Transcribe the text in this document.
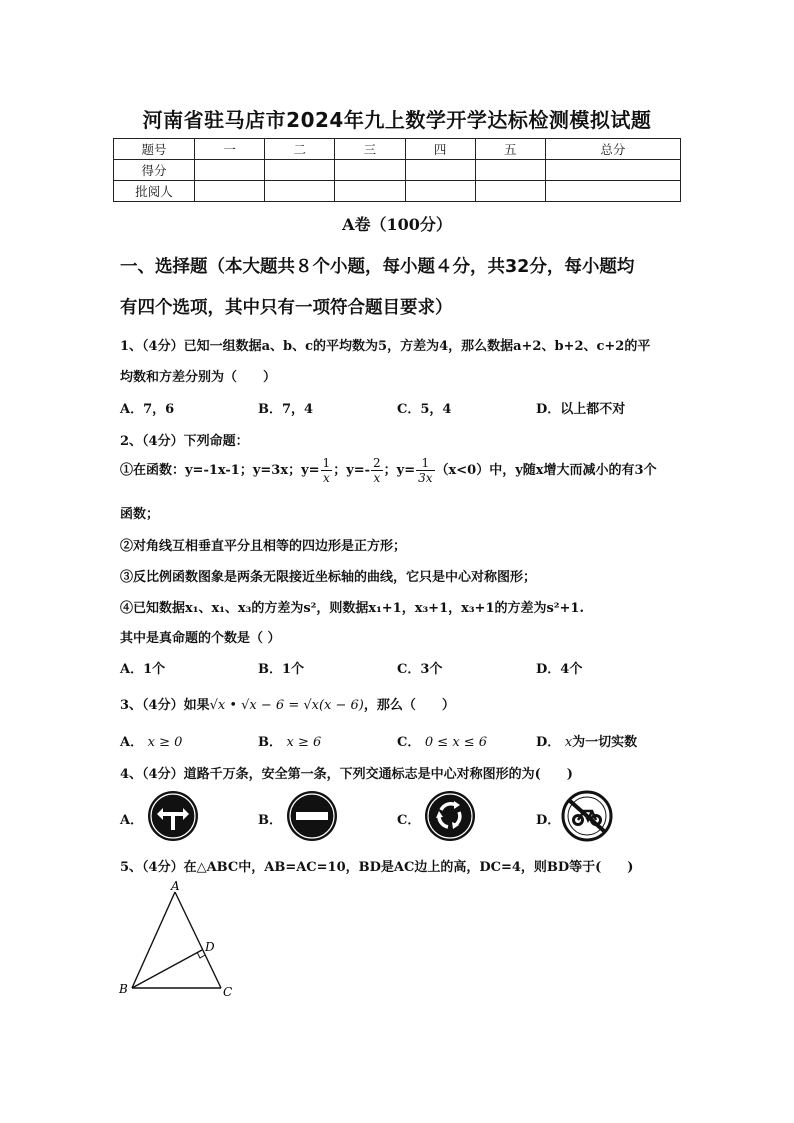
河南省驻马店市2024年九上数学开学达标检测模拟试题
题号	一	二	三	四	五	总分
得分						
批阅人						
A卷（100分）
一、选择题（本大题共８个小题，每小题４分，共32分，每小题均
有四个选项，其中只有一项符合题目要求）
1、（4分）已知一组数据a、b、c的平均数为5，方差为4，那么数据a+2、b+2、c+2的平
均数和方差分别为（　　）
A．7，6	B．7，4	C．5，4	D．以上都不对
2、（4分）下列命题：
①在函数：y=-1x-1；y=3x；$y= \frac{1}{x}$ ；$y=- \frac{2}{x}$ ；$y= \frac{1}{3x} (x<0)$中，y随x增大而减小的有3个
函数；
②对角线互相垂直平分且相等的四边形是正方形；
③反比例函数图象是两条无限接近坐标轴的曲线，它只是中心对称图形；
④已知数据x₁、x₁、x₃的方差为s²，则数据x₁+1，x₃+1，x₃+1的方差为s²+1.
其中是真命题的个数是（ ）
A．1个	B．1个	C．3个	D．4个
3、（4分）如果√x • √x − 6 = √x(x − 6)，那么（　　）
A． x ≥ 0	B． x ≥ 6	C． 0 ≤ x ≤ 6	D． x为一切实数
4、（4分）道路千万条，安全第一条，下列交通标志是中心对称图形的为(　　)
A．	B．	C．	D．
5、（4分）在△ABC中，AB=AC=10，BD是AC边上的高，DC=4，则BD等于(　　)
A
B	C
D
